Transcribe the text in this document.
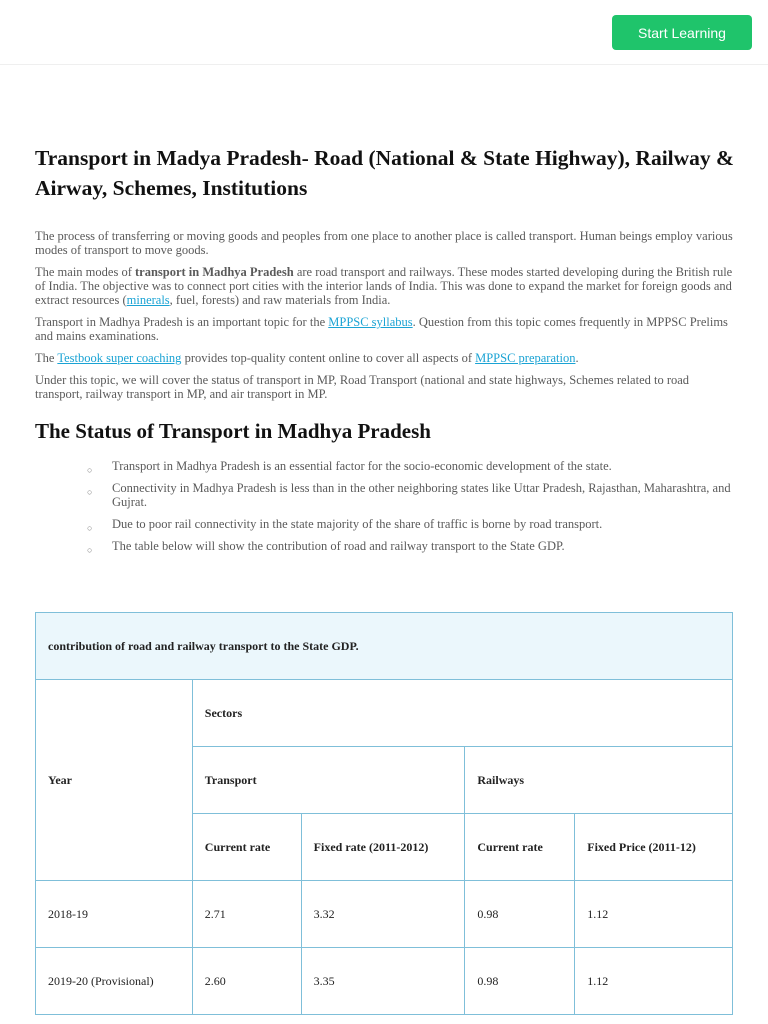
Start Learning
Transport in Madya Pradesh- Road (National & State Highway), Railway & Airway, Schemes, Institutions

The process of transferring or moving goods and peoples from one place to another place is called transport. Human beings employ various modes of transport to move goods.

The main modes of transport in Madhya Pradesh are road transport and railways. These modes started developing during the British rule of India. The objective was to connect port cities with the interior lands of India. This was done to expand the market for foreign goods and extract resources (minerals, fuel, forests) and raw materials from India.

Transport in Madhya Pradesh is an important topic for the MPPSC syllabus. Question from this topic comes frequently in MPPSC Prelims and mains examinations.

The Testbook super coaching provides top-quality content online to cover all aspects of MPPSC preparation.

Under this topic, we will cover the status of transport in MP, Road Transport (national and state highways, Schemes related to road transport, railway transport in MP, and air transport in MP.

The Status of Transport in Madhya Pradesh
○ Transport in Madhya Pradesh is an essential factor for the socio-economic development of the state.
○ Connectivity in Madhya Pradesh is less than in the other neighboring states like Uttar Pradesh, Rajasthan, Maharashtra, and Gujrat.
○ Due to poor rail connectivity in the state majority of the share of traffic is borne by road transport.
○ The table below will show the contribution of road and railway transport to the State GDP.
contribution of road and railway transport to the State GDP.				
Year	Sectors			
	Transport		Railways	
	Current rate	Fixed rate (2011-2012)	Current rate	Fixed Price (2011-12)
2018-19	2.71	3.32	0.98	1.12
2019-20 (Provisional)	2.60	3.35	0.98	1.12
